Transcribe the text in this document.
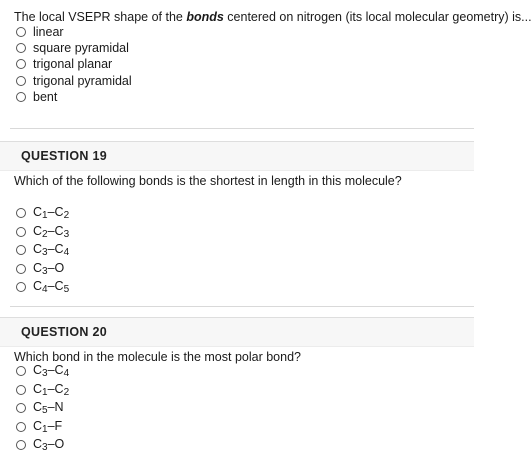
The local VSEPR shape of the bonds centered on nitrogen (its local molecular geometry) is...
linear
square pyramidal
trigonal planar
trigonal pyramidal
bent
QUESTION 19
Which of the following bonds is the shortest in length in this molecule?
$C_1-C_2$
$C_2-C_3$
$C_3-C_4$
$C_3-O$
$C_4-C_5$
QUESTION 20
Which bond in the molecule is the most polar bond?
$C_3-C_4$
$C_1-C_2$
$C_5-N$
$C_1-F$
$C_3-O$
